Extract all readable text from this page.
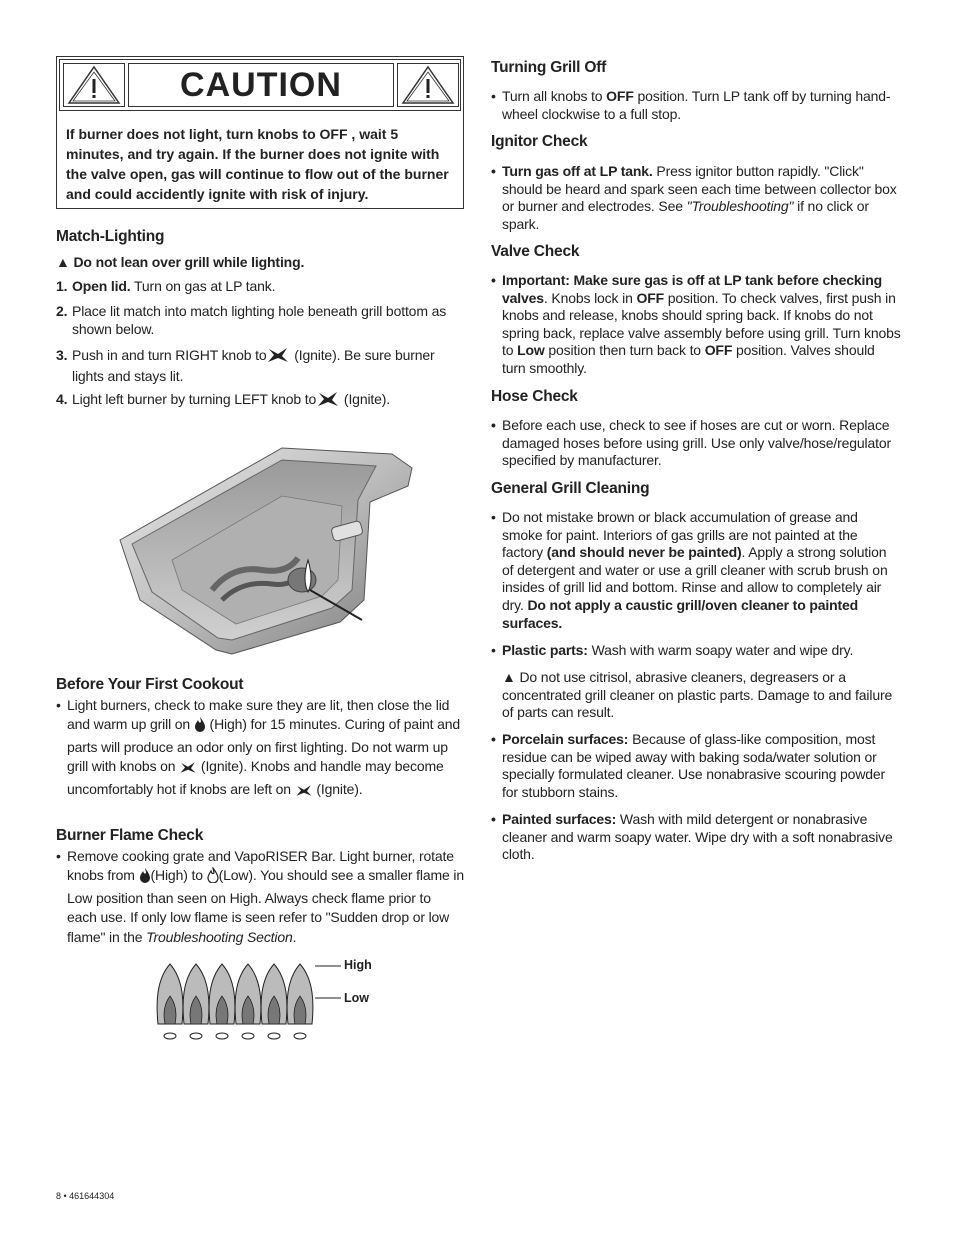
CAUTION
If burner does not light, turn knobs to OFF , wait 5 minutes, and try again. If the burner does not ignite with the valve open, gas will continue to flow out of the burner and could accidently ignite with risk of injury.
Match-Lighting
▲ Do not lean over grill while lighting.
1. Open lid. Turn on gas at LP tank.
2. Place lit match into match lighting hole beneath grill bottom as shown below.
3. Push in and turn RIGHT knob to (Ignite). Be sure burner lights and stays lit.
4. Light left burner by turning LEFT knob to (Ignite).
Before Your First Cookout
• Light burners, check to make sure they are lit, then close the lid and warm up grill on  (High) for 15 minutes. Curing of paint and parts will produce an odor only on first lighting. Do not warm up grill with knobs on  (Ignite). Knobs and handle may become uncomfortably hot if knobs are left on  (Ignite).
Burner Flame Check
• Remove cooking grate and VapoRISER Bar. Light burner, rotate knobs from (High) to (Low). You should see a smaller flame in Low position than seen on High. Always check flame prior to each use. If only low flame is seen refer to "Sudden drop or low flame" in the Troubleshooting Section.
High
Low
Turning Grill Off
• Turn all knobs to OFF position. Turn LP tank off by turning hand-wheel clockwise to a full stop.
Ignitor Check
• Turn gas off at LP tank. Press ignitor button rapidly. "Click" should be heard and spark seen each time between collector box or burner and electrodes. See "Troubleshooting" if no click or spark.
Valve Check
• Important: Make sure gas is off at LP tank before checking valves. Knobs lock in OFF position. To check valves, first push in knobs and release, knobs should spring back. If knobs do not spring back, replace valve assembly before using grill. Turn knobs to Low position then turn back to OFF position. Valves should turn smoothly.
Hose Check
• Before each use, check to see if hoses are cut or worn. Replace damaged hoses before using grill. Use only valve/hose/regulator specified by manufacturer.
General Grill Cleaning
• Do not mistake brown or black accumulation of grease and smoke for paint. Interiors of gas grills are not painted at the factory (and should never be painted). Apply a strong solution of detergent and water or use a grill cleaner with scrub brush on insides of grill lid and bottom. Rinse and allow to completely air dry. Do not apply a caustic grill/oven cleaner to painted surfaces.
• Plastic parts: Wash with warm soapy water and wipe dry.
▲ Do not use citrisol, abrasive cleaners, degreasers or a concentrated grill cleaner on plastic parts. Damage to and failure of parts can result.
• Porcelain surfaces: Because of glass-like composition, most residue can be wiped away with baking soda/water solution or specially formulated cleaner. Use nonabrasive scouring powder for stubborn stains.
• Painted surfaces: Wash with mild detergent or nonabrasive cleaner and warm soapy water. Wipe dry with a soft nonabrasive cloth.
8 • 461644304
